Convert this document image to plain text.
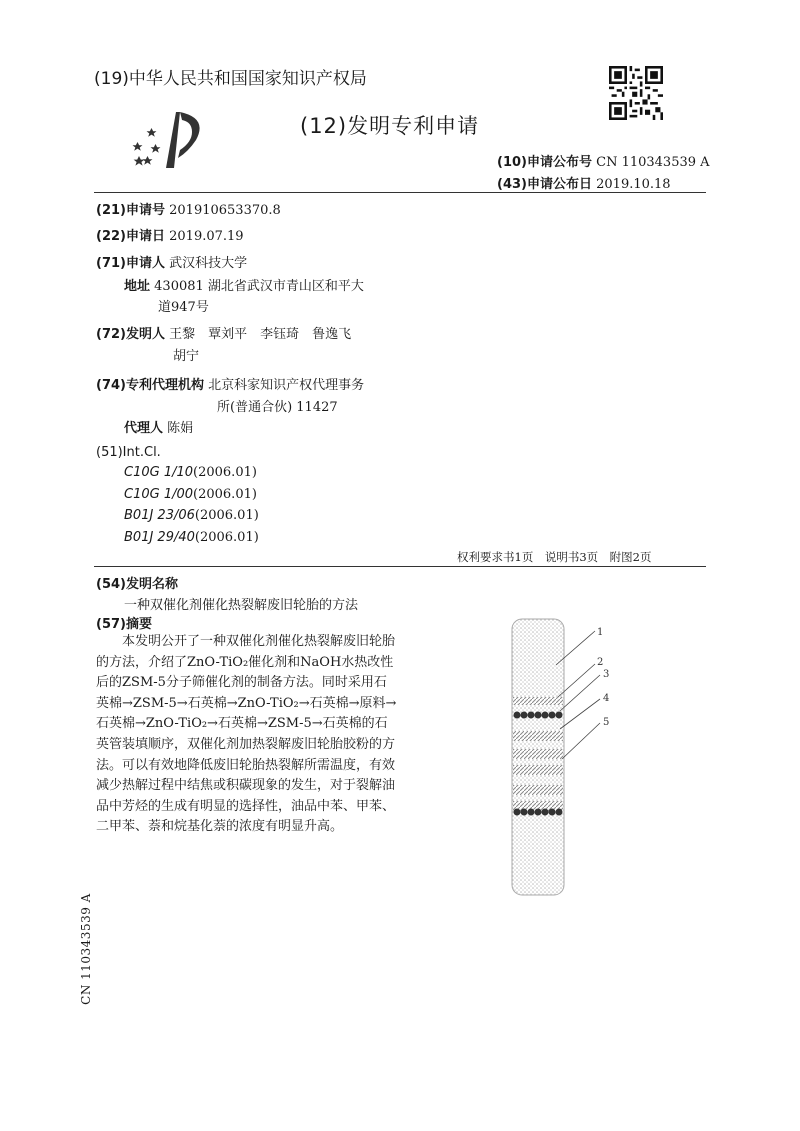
(19)中华人民共和国国家知识产权局
(12)发明专利申请
(10)申请公布号 CN 110343539 A
(43)申请公布日 2019.10.18
(21)申请号 201910653370.8
(22)申请日 2019.07.19
(71)申请人 武汉科技大学
地址 430081 湖北省武汉市青山区和平大
道947号
(72)发明人 王黎　覃刘平　李钰琦　鲁逸飞
胡宁
(74)专利代理机构 北京科家知识产权代理事务
所(普通合伙) 11427
代理人 陈娟
(51)Int.Cl.
C10G 1/10(2006.01)
C10G 1/00(2006.01)
B01J 23/06(2006.01)
B01J 29/40(2006.01)
权利要求书1页　说明书3页　附图2页
(54)发明名称
一种双催化剂催化热裂解废旧轮胎的方法
(57)摘要

本发明公开了一种双催化剂催化热裂解废旧轮胎的方法，介绍了ZnO-TiO₂催化剂和NaOH水热改性后的ZSM-5分子筛催化剂的制备方法。同时采用石英棉→ZSM-5→石英棉→ZnO-TiO₂→石英棉→原料→石英棉→ZnO-TiO₂→石英棉→ZSM-5→石英棉的石英管装填顺序，双催化剂加热裂解废旧轮胎胶粉的方法。可以有效地降低废旧轮胎热裂解所需温度，有效减少热解过程中结焦或积碳现象的发生，对于裂解油品中芳烃的生成有明显的选择性，油品中苯、甲苯、二甲苯、萘和烷基化萘的浓度有明显升高。

1
2
3
4
5
CN 110343539 A
